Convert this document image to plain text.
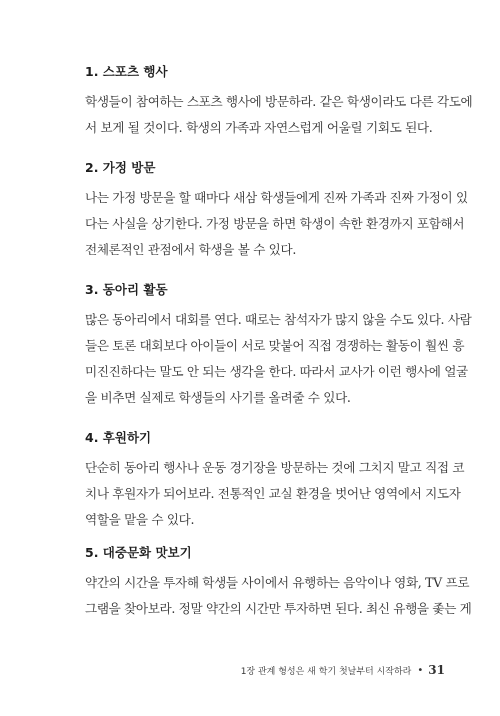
1. 스포츠 행사

학생들이 참여하는 스포츠 행사에 방문하라. 같은 학생이라도 다른 각도에
서 보게 될 것이다. 학생의 가족과 자연스럽게 어울릴 기회도 된다.

2. 가정 방문

나는 가정 방문을 할 때마다 새삼 학생들에게 진짜 가족과 진짜 가정이 있
다는 사실을 상기한다. 가정 방문을 하면 학생이 속한 환경까지 포함해서
전체론적인 관점에서 학생을 볼 수 있다.

3. 동아리 활동

많은 동아리에서 대회를 연다. 때로는 참석자가 많지 않을 수도 있다. 사람
들은 토론 대회보다 아이들이 서로 맞붙어 직접 경쟁하는 활동이 훨씬 흥
미진진하다는 말도 안 되는 생각을 한다. 따라서 교사가 이런 행사에 얼굴
을 비추면 실제로 학생들의 사기를 올려줄 수 있다.

4. 후원하기

단순히 동아리 행사나 운동 경기장을 방문하는 것에 그치지 말고 직접 코
치나 후원자가 되어보라. 전통적인 교실 환경을 벗어난 영역에서 지도자
역할을 맡을 수 있다.

5. 대중문화 맛보기

약간의 시간을 투자해 학생들 사이에서 유행하는 음악이나 영화, TV 프로
그램을 찾아보라. 정말 약간의 시간만 투자하면 된다. 최신 유행을 좇는 게

1장 관계 형성은 새 학기 첫날부터 시작하라 • 31
